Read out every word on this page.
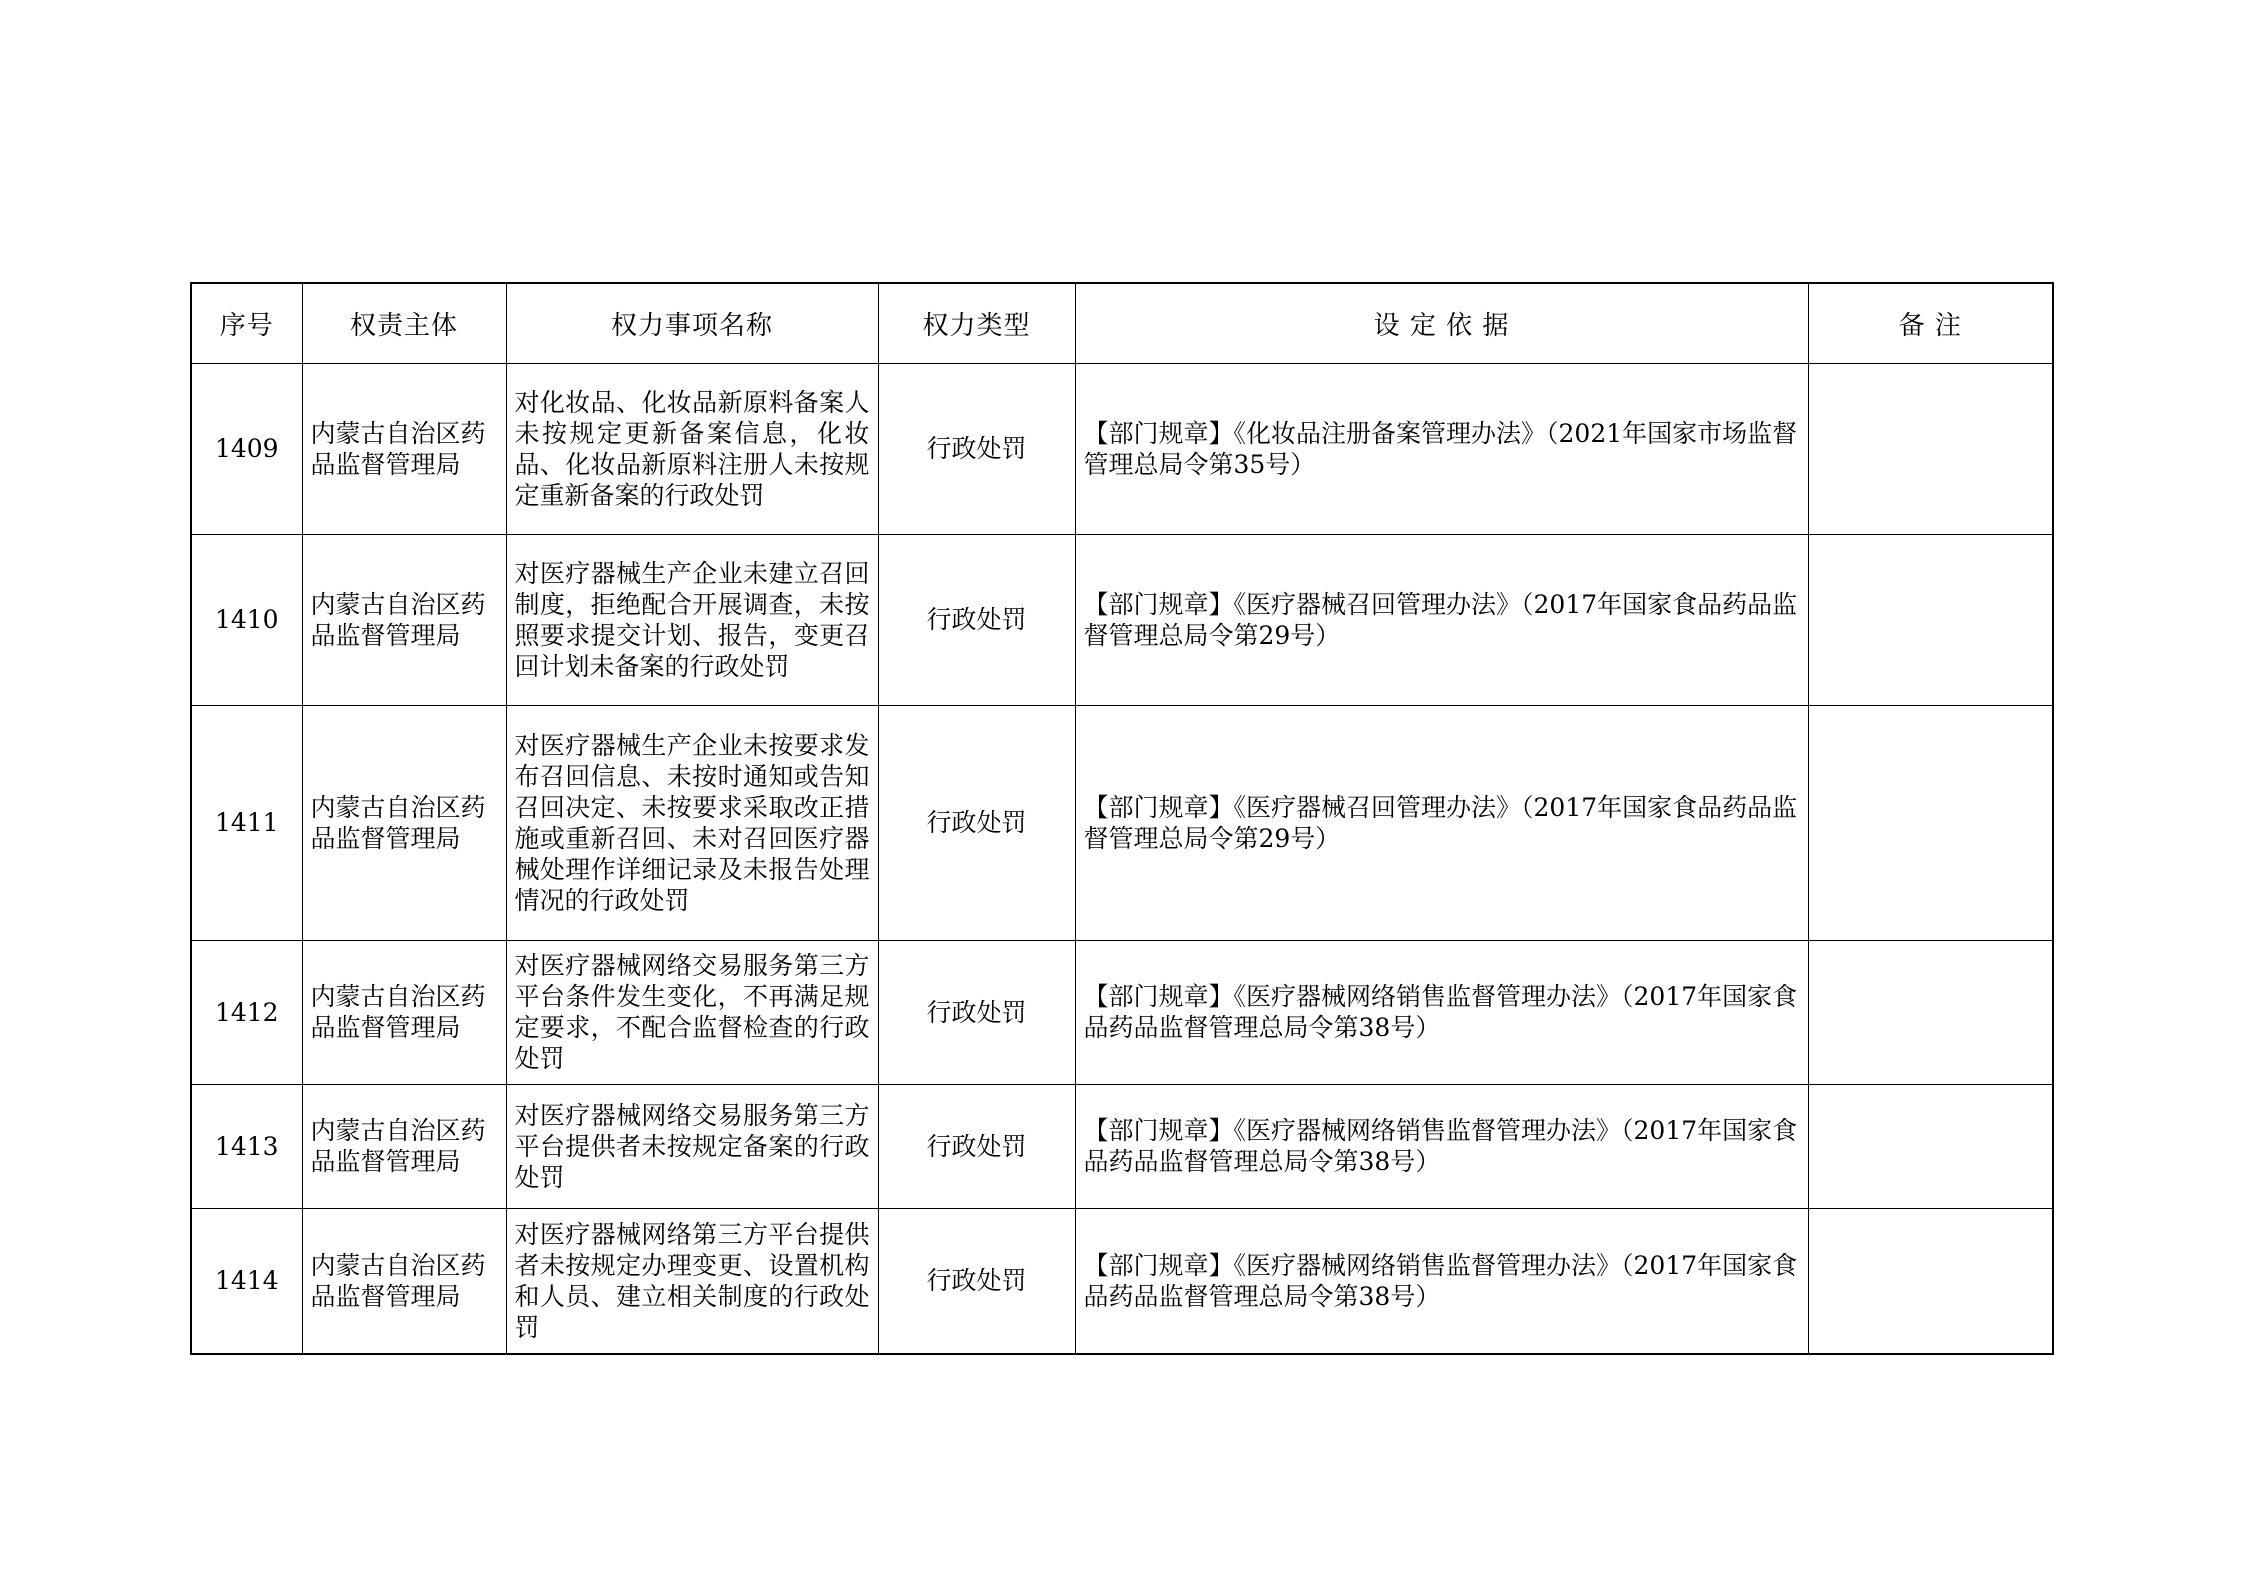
序号	权责主体	权力事项名称	权力类型	设 定 依 据	备 注
1409	内蒙古自治区药品监督管理局	对化妆品、化妆品新原料备案人未按规定更新备案信息，化妆品、化妆品新原料注册人未按规定重新备案的行政处罚	行政处罚	【部门规章】《化妆品注册备案管理办法》（2021年国家市场监督管理总局令第35号）	
1410	内蒙古自治区药品监督管理局	对医疗器械生产企业未建立召回制度，拒绝配合开展调查，未按照要求提交计划、报告，变更召回计划未备案的行政处罚	行政处罚	【部门规章】《医疗器械召回管理办法》（2017年国家食品药品监督管理总局令第29号）	
1411	内蒙古自治区药品监督管理局	对医疗器械生产企业未按要求发布召回信息、未按时通知或告知召回决定、未按要求采取改正措施或重新召回、未对召回医疗器械处理作详细记录及未报告处理情况的行政处罚	行政处罚	【部门规章】《医疗器械召回管理办法》（2017年国家食品药品监督管理总局令第29号）	
1412	内蒙古自治区药品监督管理局	对医疗器械网络交易服务第三方平台条件发生变化，不再满足规定要求，不配合监督检查的行政处罚	行政处罚	【部门规章】《医疗器械网络销售监督管理办法》（2017年国家食品药品监督管理总局令第38号）	
1413	内蒙古自治区药品监督管理局	对医疗器械网络交易服务第三方平台提供者未按规定备案的行政处罚	行政处罚	【部门规章】《医疗器械网络销售监督管理办法》（2017年国家食品药品监督管理总局令第38号）	
1414	内蒙古自治区药品监督管理局	对医疗器械网络第三方平台提供者未按规定办理变更、设置机构和人员、建立相关制度的行政处罚	行政处罚	【部门规章】《医疗器械网络销售监督管理办法》（2017年国家食品药品监督管理总局令第38号）	
